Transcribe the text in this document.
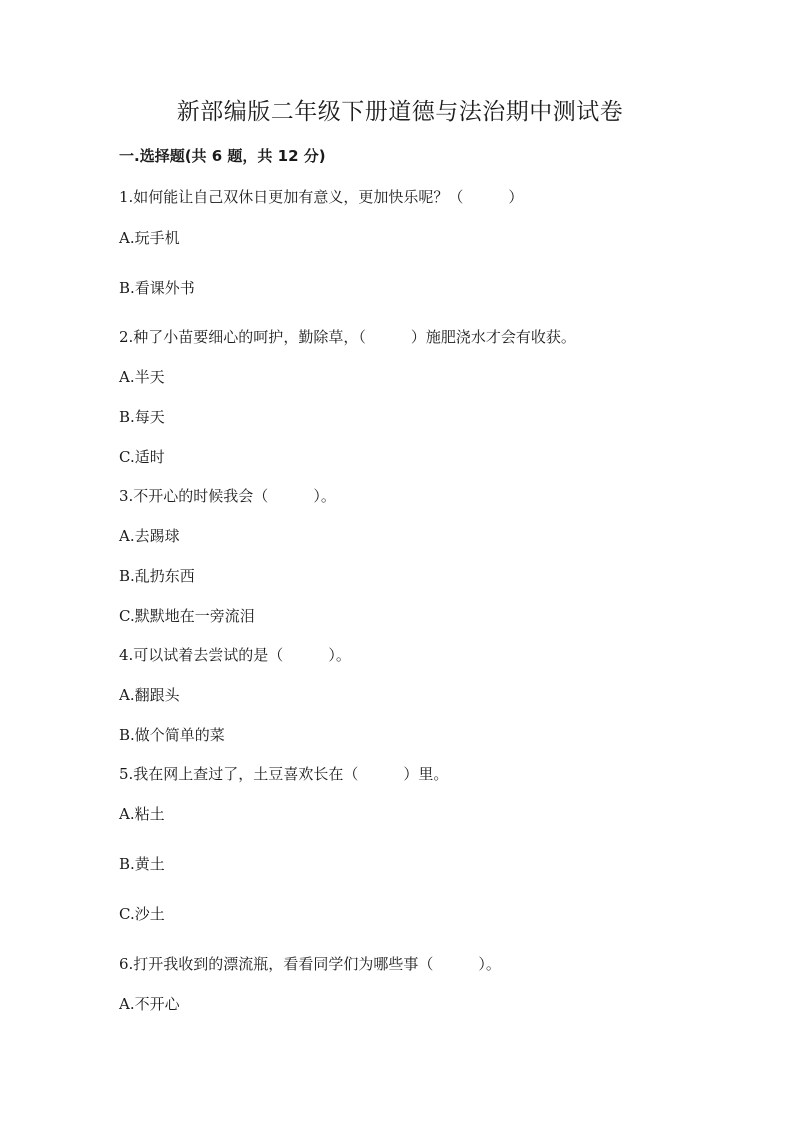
新部编版二年级下册道德与法治期中测试卷
一.选择题(共 6 题，共 12 分)
1.如何能让自己双休日更加有意义，更加快乐呢？（　　　）
A.玩手机
B.看课外书
2.种了小苗要细心的呵护，勤除草，（　　　）施肥浇水才会有收获。
A.半天
B.每天
C.适时
3.不开心的时候我会（　　　）。
A.去踢球
B.乱扔东西
C.默默地在一旁流泪
4.可以试着去尝试的是（　　　）。
A.翻跟头
B.做个简单的菜
5.我在网上查过了，土豆喜欢长在（　　　）里。
A.粘土
B.黄土
C.沙土
6.打开我收到的漂流瓶，看看同学们为哪些事（　　　）。
A.不开心
